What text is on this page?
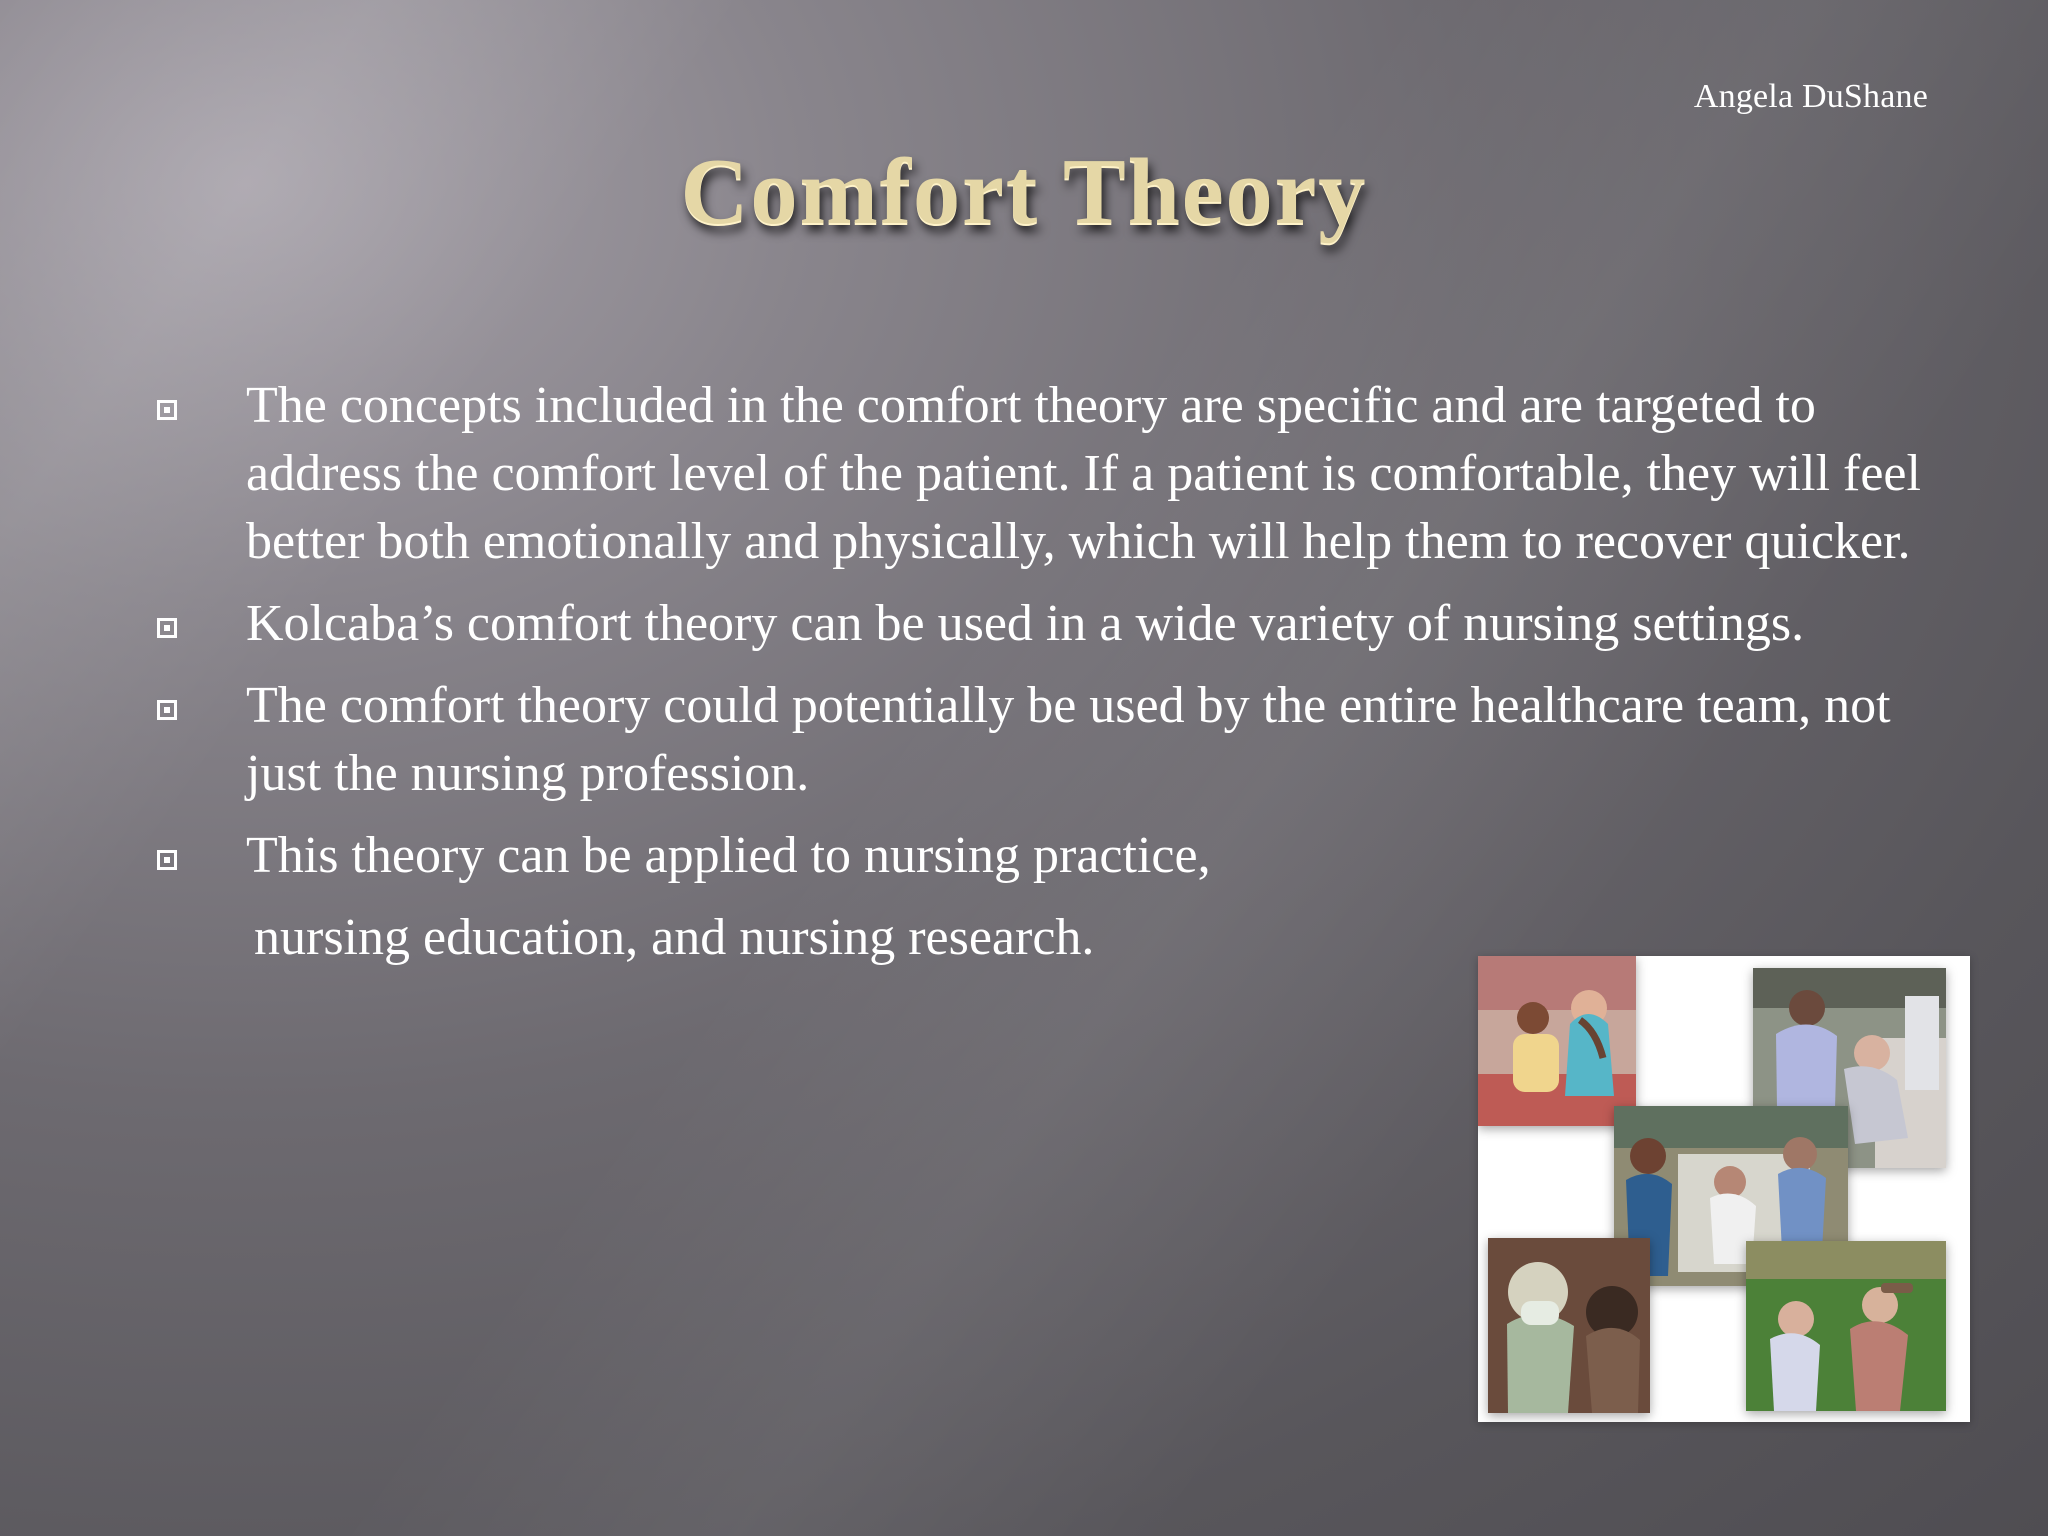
Angela DuShane
Comfort Theory
The concepts included in the comfort theory are specific and are targeted to address the comfort level of the patient. If a patient is comfortable, they will feel better both emotionally and physically, which will help them to recover quicker.
Kolcaba’s comfort theory can be used in a wide variety of nursing settings.
The comfort theory could potentially be used by the entire healthcare team, not just the nursing profession.
This theory can be applied to nursing practice,
nursing education, and nursing research.
